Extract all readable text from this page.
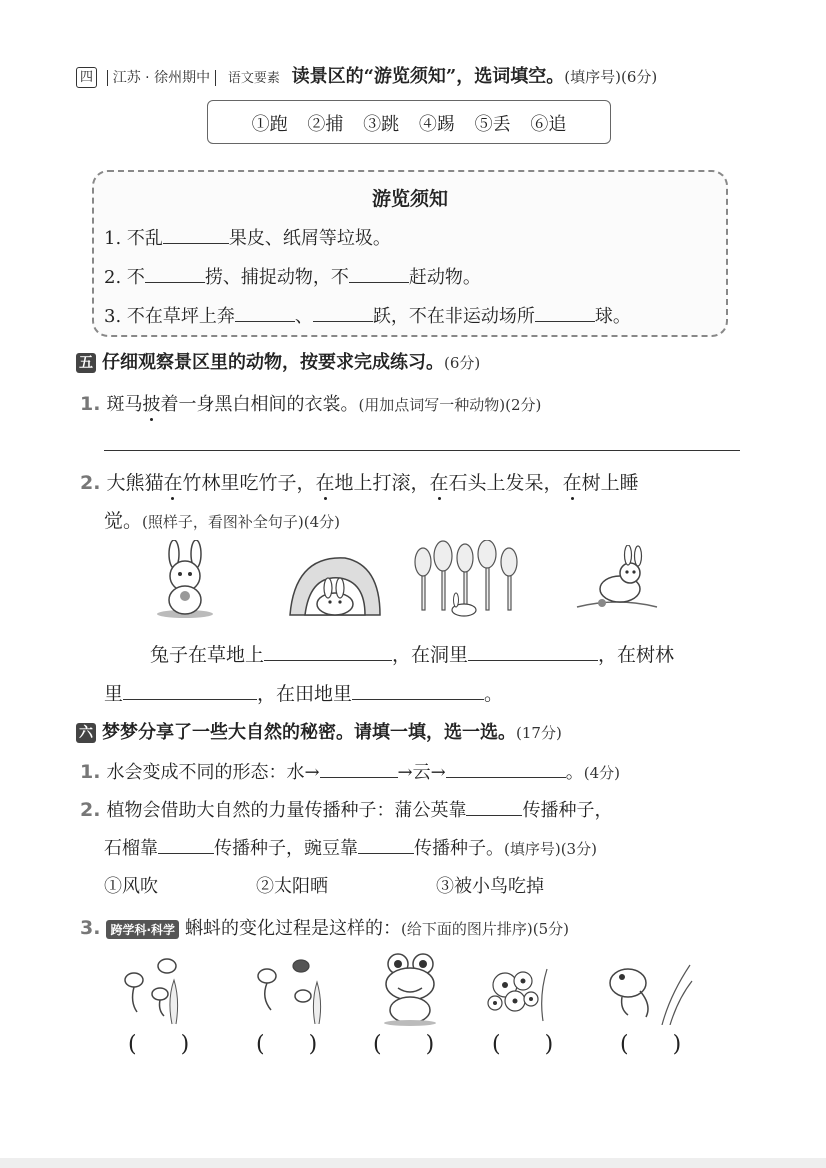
四 江苏 · 徐州期中 语文要素 读景区的“游览须知”，选词填空。(填序号)(6分)
①跑 ②捕 ③跳 ④踢 ⑤丢 ⑥追
游览须知
1. 不乱	果皮、纸屑等垃圾。
2. 不	捞、捕捉动物，不	赶动物。
3. 不在草坪上奔	、	跃，不在非运动场所	球。
五 仔细观察景区里的动物，按要求完成练习。(6分)
1. 斑马披着一身黑白相间的衣裳。(用加点词写一种动物)(2分)
2. 大熊猫在竹林里吃竹子，在地上打滚，在石头上发呆，在树上睡
觉。(照样子，看图补全句子)(4分)
兔子在草地上	，在洞里	，在树林
里	，在田地里	。
六 梦梦分享了一些大自然的秘密。请填一填，选一选。(17分)
1. 水会变成不同的形态：水→	→云→	。(4分)
2. 植物会借助大自然的力量传播种子：蒲公英靠	传播种子，
石榴靠	传播种子，豌豆靠	传播种子。(填序号)(3分)
①风吹	②太阳晒	③被小鸟吃掉
3. 跨学科·科学 蝌蚪的变化过程是这样的：(给下面的图片排序)(5分)
( )	( )	( )	( )	( )
